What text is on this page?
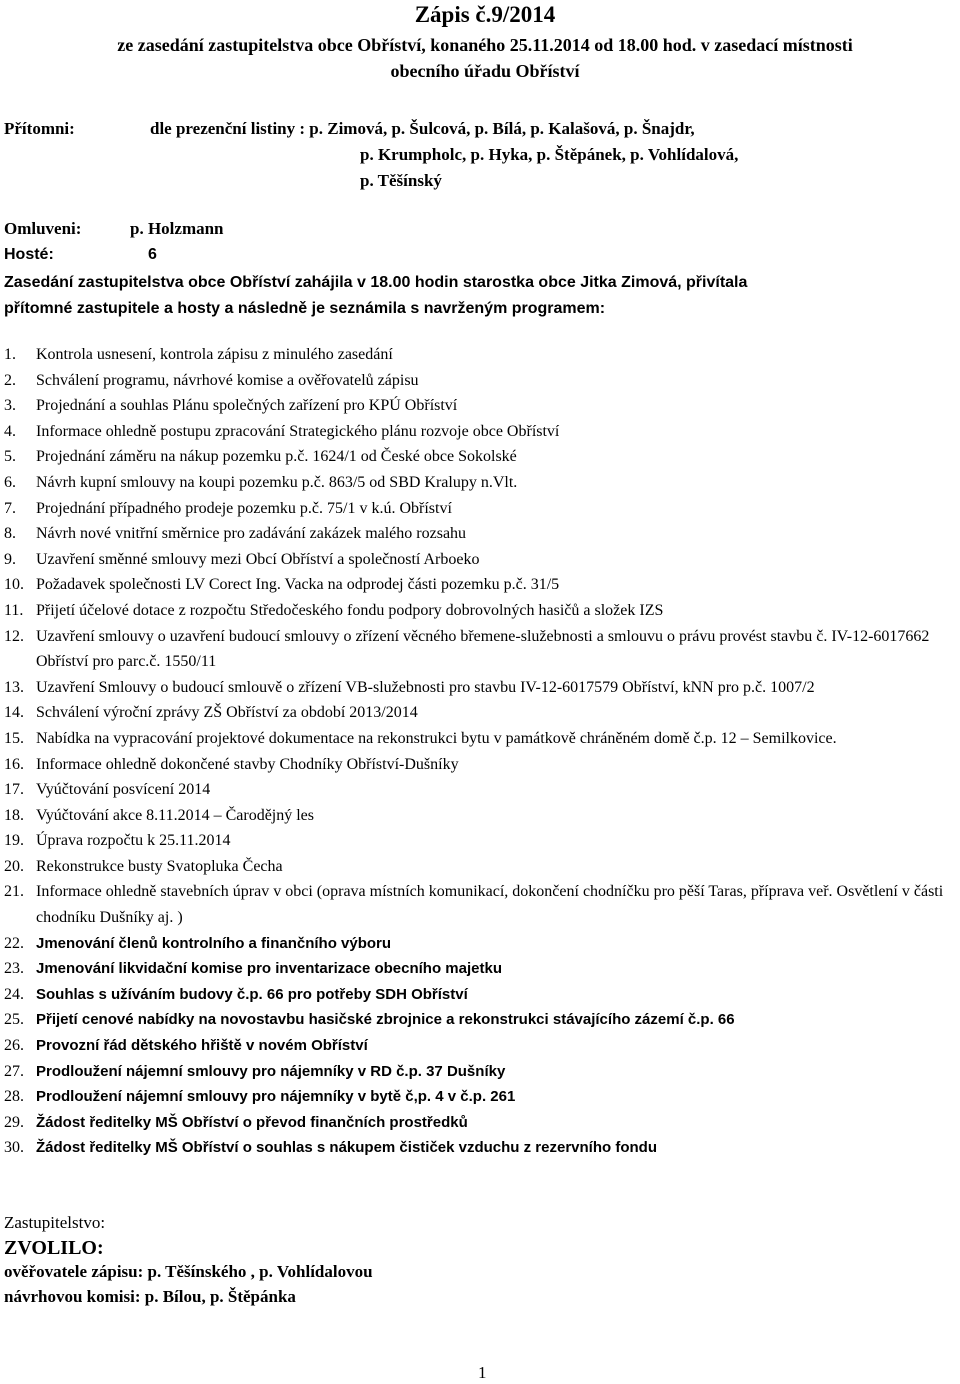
Zápis č.9/2014
ze zasedání zastupitelstva obce Obříství, konaného 25.11.2014 od 18.00 hod. v zasedací místnosti
obecního úřadu Obříství
Přítomni:	dle prezenční listiny : p. Zimová, p. Šulcová, p. Bílá, p. Kalašová, p. Šnajdr,
p. Krumpholc, p. Hyka, p. Štěpánek, p. Vohlídalová,
p. Těšínský
Omluveni:	p. Holzmann
Hosté:	6
Zasedání zastupitelstva obce Obříství zahájila v 18.00 hodin starostka obce Jitka Zimová, přivítala
přítomné zastupitele a hosty a následně je seznámila s navrženým programem:
1. Kontrola usnesení, kontrola zápisu z minulého zasedání
2. Schválení programu, návrhové komise a ověřovatelů zápisu
3. Projednání a souhlas Plánu společných zařízení pro KPÚ Obříství
4. Informace ohledně postupu zpracování Strategického plánu rozvoje obce Obříství
5. Projednání záměru na nákup pozemku p.č. 1624/1 od České obce Sokolské
6. Návrh kupní smlouvy na koupi pozemku p.č. 863/5 od SBD Kralupy n.Vlt.
7. Projednání případného prodeje pozemku p.č. 75/1 v k.ú. Obříství
8. Návrh nové vnitřní směrnice pro zadávání zakázek malého rozsahu
9. Uzavření směnné smlouvy mezi Obcí Obříství a společností Arboeko
10. Požadavek společnosti LV Corect Ing. Vacka na odprodej části pozemku p.č. 31/5
11. Přijetí účelové dotace z rozpočtu Středočeského fondu podpory dobrovolných hasičů a složek IZS
12. Uzavření smlouvy o uzavření budoucí smlouvy o zřízení věcného břemene-služebnosti a smlouvu o právu provést stavbu č. IV-12-6017662 Obříství pro parc.č. 1550/11
13. Uzavření Smlouvy o budoucí smlouvě o zřízení VB-služebnosti pro stavbu IV-12-6017579 Obříství, kNN pro p.č. 1007/2
14. Schválení výroční zprávy ZŠ Obříství za období 2013/2014
15. Nabídka na vypracování projektové dokumentace na rekonstrukci bytu v památkově chráněném domě č.p. 12 – Semilkovice.
16. Informace ohledně dokončené stavby Chodníky Obříství-Dušníky
17. Vyúčtování posvícení 2014
18. Vyúčtování akce 8.11.2014 – Čarodějný les
19. Úprava rozpočtu k 25.11.2014
20. Rekonstrukce busty Svatopluka Čecha
21. Informace ohledně stavebních úprav v obci (oprava místních komunikací, dokončení chodníčku pro pěší Taras, příprava veř. Osvětlení v části chodníku Dušníky aj. )
22. Jmenování členů kontrolního a finančního výboru
23. Jmenování likvidační komise pro inventarizace obecního majetku
24. Souhlas s užíváním budovy č.p. 66 pro potřeby SDH Obříství
25. Přijetí cenové nabídky na novostavbu hasičské zbrojnice a rekonstrukci stávajícího zázemí č.p. 66
26. Provozní řád dětského hřiště v novém Obříství
27. Prodloužení nájemní smlouvy pro nájemníky v RD č.p. 37 Dušníky
28. Prodloužení nájemní smlouvy pro nájemníky v bytě č,p. 4 v č.p. 261
29. Žádost ředitelky MŠ Obříství o převod finančních prostředků
30. Žádost ředitelky MŠ Obříství o souhlas s nákupem čističek vzduchu z rezervního fondu
Zastupitelstvo:
ZVOLILO:
ověřovatele zápisu: p. Těšínského , p. Vohlídalovou
návrhovou komisi: p. Bílou, p. Štěpánka
1
